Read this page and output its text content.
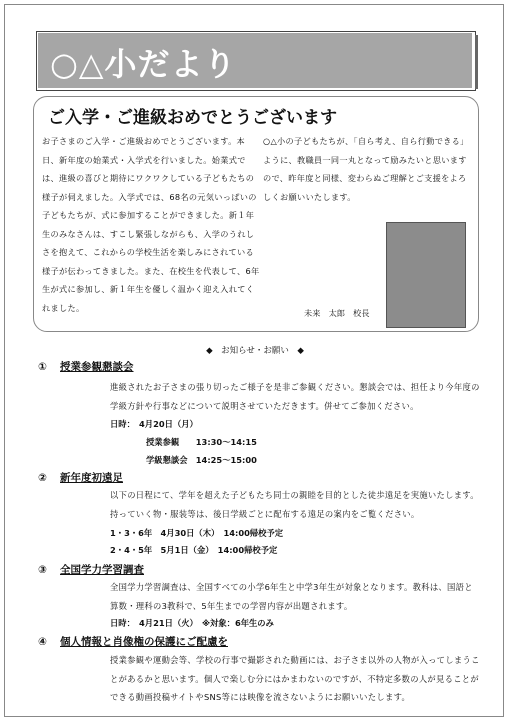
○△小だより
ご入学・ご進級おめでとうございます
お子さまのご入学・ご進級おめでとうございます。本日、新年度の始業式・入学式を行いました。始業式では、進級の喜びと期待にワクワクしている子どもたちの様子が伺えました。入学式では、68名の元気いっぱいの子どもたちが、式に参加することができました。新１年生のみなさんは、すこし緊張しながらも、入学のうれしさを抱えて、これからの学校生活を楽しみにされている様子が伝わってきました。また、在校生を代表して、6年生が式に参加し、新１年生を優しく温かく迎え入れてくれました。
○△小の子どもたちが、「自ら考え、自ら行動できる」ように、教職員一同一丸となって励みたいと思いますので、昨年度と同様、変わらぬご理解とご支援をよろしくお願いいたします。
未来　太郎　校長
◆　お知らせ・お願い　◆
① 授業参観懇談会
進級されたお子さまの張り切ったご様子を是非ご参観ください。懇談会では、担任より今年度の学級方針や行事などについて説明させていただきます。併せてご参加ください。
日時：　4月20日（月）
授業参観　　13:30～14:15
学級懇談会　14:25～15:00
② 新年度初遠足
以下の日程にて、学年を超えた子どもたち同士の親睦を目的とした徒歩遠足を実施いたします。持っていく物・服装等は、後日学級ごとに配布する遠足の案内をご覧ください。
1・3・6年　4月30日（木）　14:00帰校予定
2・4・5年　5月1日（金）　14:00帰校予定
③ 全国学力学習調査
全国学力学習調査は、全国すべての小学6年生と中学3年生が対象となります。教科は、国語と算数・理科の3教科で、5年生までの学習内容が出題されます。
日時：　4月21日（火）　※対象：6年生のみ
④ 個人情報と肖像権の保護にご配慮を
授業参観や運動会等、学校の行事で撮影された動画には、お子さま以外の人物が入ってしまうことがあるかと思います。個人で楽しむ分にはかまわないのですが、不特定多数の人が見ることができる動画投稿サイトやSNS等には映像を流さないようにお願いいたします。
